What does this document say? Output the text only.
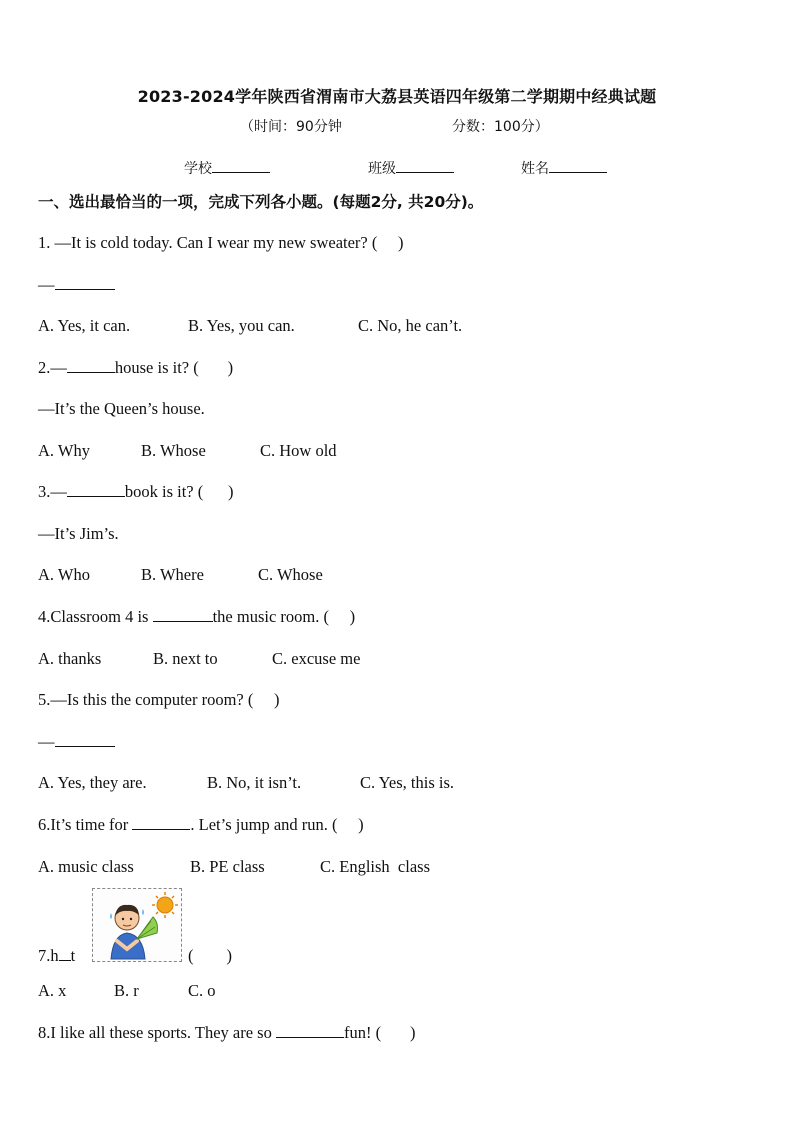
2023-2024学年陕西省渭南市大荔县英语四年级第二学期期中经典试题
（时间：90分钟	分数：100分）
学校	班级	姓名
一、选出最恰当的一项，完成下列各小题。(每题2分, 共20分)。
1. —It is cold today. Can I wear my new sweater? (     )
—
A. Yes, it can.	B. Yes, you can.	C. No, he can’t.
2.—	house is it? (       )
—It’s the Queen’s house.
A. Why	B. Whose	C. How old
3.—	book is it? (      )
—It’s Jim’s.
A. Who	B. Where	C. Whose
4.Classroom 4 is	the music room. (     )
A. thanks	B. next to	C. excuse me
5.—Is this the computer room? (     )
—
A. Yes, they are.	B. No, it isn’t.	C. Yes, this is.
6.It’s time for	. Let’s jump and run. (     )
A. music class	B. PE class	C. English  class
7.h t	(        )
A. x	B. r	C. o
8.I like all these sports. They are so	fun! (       )
